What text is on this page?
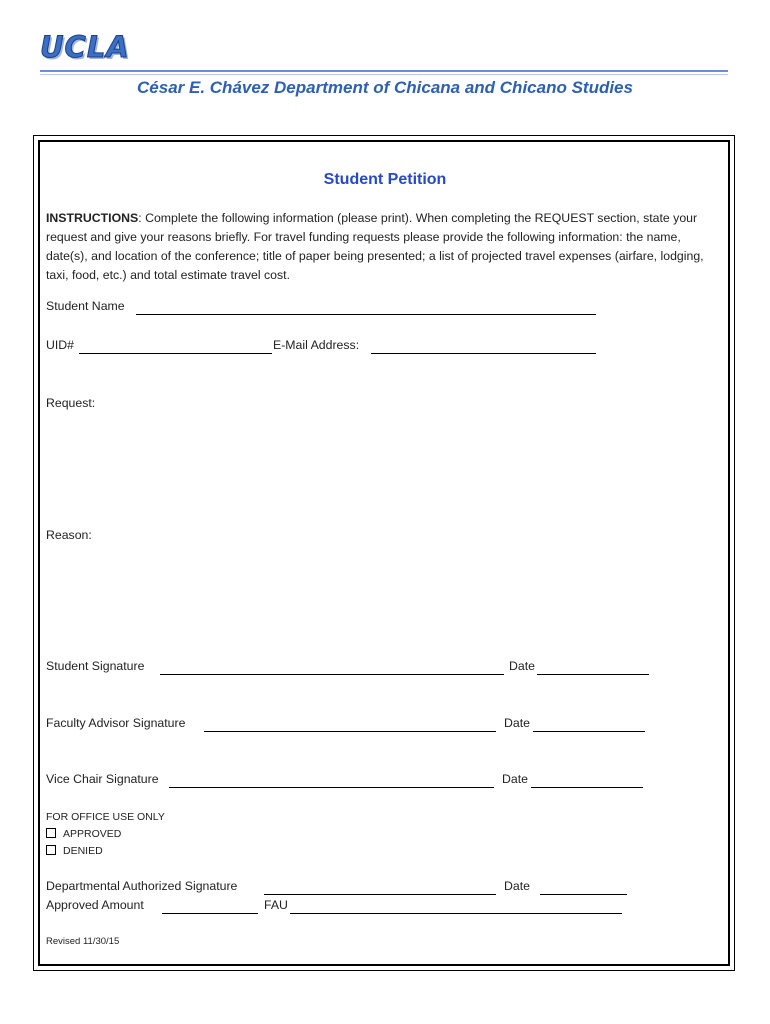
UCLA
César E. Chávez Department of Chicana and Chicano Studies
Student Petition
INSTRUCTIONS: Complete the following information (please print). When completing the REQUEST section, state your request and give your reasons briefly. For travel funding requests please provide the following information: the name, date(s), and location of the conference; title of paper being presented; a list of projected travel expenses (airfare, lodging, taxi, food, etc.) and total estimate travel cost.
Student Name
UID#	E-Mail Address:
Request:
Reason:
Student Signature	Date
Faculty Advisor Signature	Date
Vice Chair Signature	Date
FOR OFFICE USE ONLY
APPROVED
DENIED
Departmental Authorized Signature	Date
Approved Amount	FAU
Revised 11/30/15
